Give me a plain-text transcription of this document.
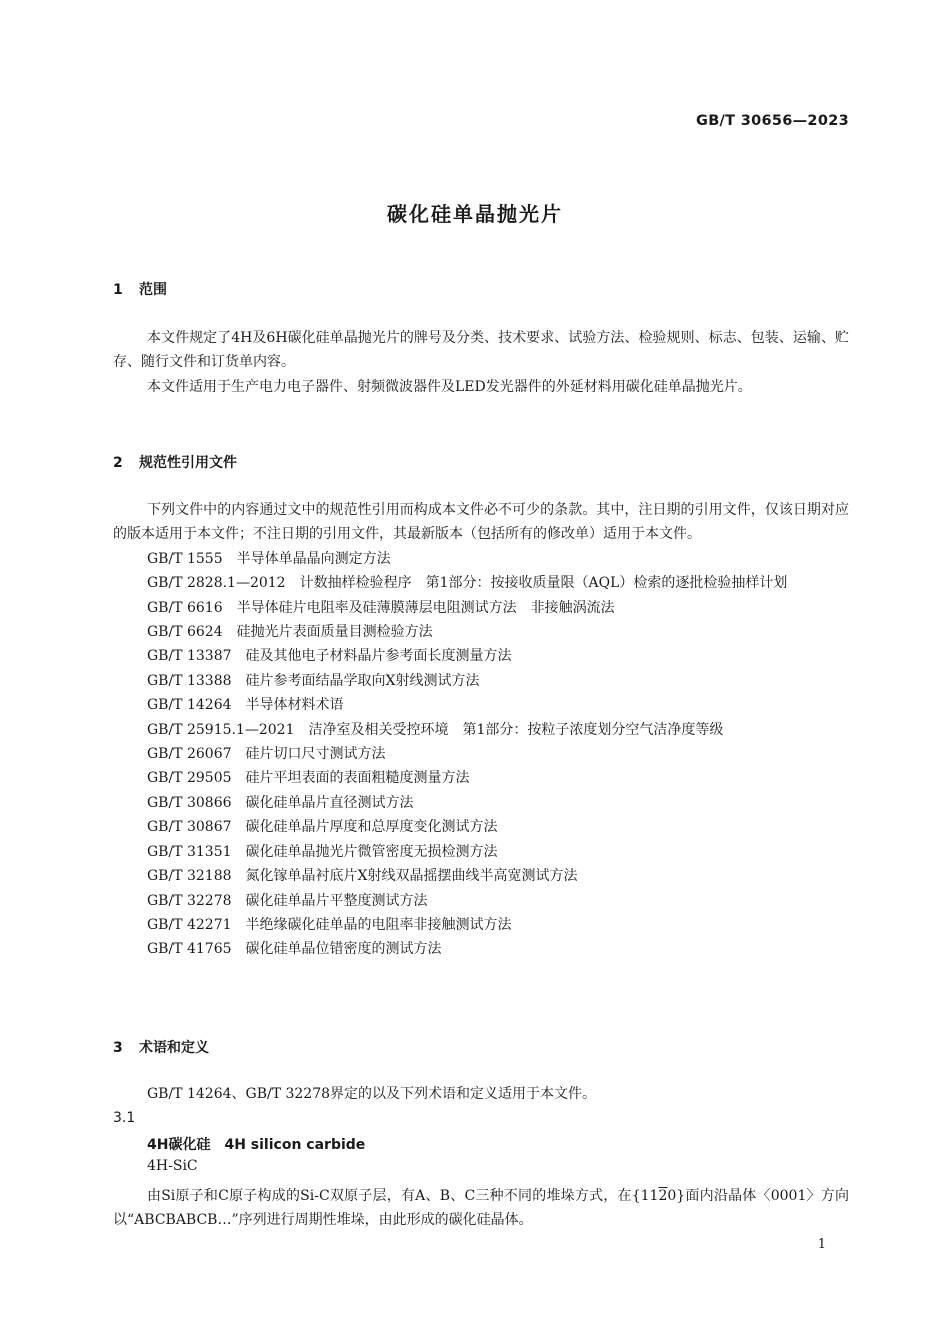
GB/T 30656—2023
碳化硅单晶抛光片
1 范围

本文件规定了4H及6H碳化硅单晶抛光片的牌号及分类、技术要求、试验方法、检验规则、标志、包装、运输、贮存、随行文件和订货单内容。

本文件适用于生产电力电子器件、射频微波器件及LED发光器件的外延材料用碳化硅单晶抛光片。

2 规范性引用文件

下列文件中的内容通过文中的规范性引用而构成本文件必不可少的条款。其中，注日期的引用文件，仅该日期对应的版本适用于本文件；不注日期的引用文件，其最新版本（包括所有的修改单）适用于本文件。

GB/T 1555 半导体单晶晶向测定方法

GB/T 2828.1—2012 计数抽样检验程序　第1部分：按接收质量限（AQL）检索的逐批检验抽样计划

GB/T 6616 半导体硅片电阻率及硅薄膜薄层电阻测试方法　非接触涡流法

GB/T 6624 硅抛光片表面质量目测检验方法

GB/T 13387 硅及其他电子材料晶片参考面长度测量方法

GB/T 13388 硅片参考面结晶学取向X射线测试方法

GB/T 14264 半导体材料术语

GB/T 25915.1—2021 洁净室及相关受控环境　第1部分：按粒子浓度划分空气洁净度等级

GB/T 26067 硅片切口尺寸测试方法

GB/T 29505 硅片平坦表面的表面粗糙度测量方法

GB/T 30866 碳化硅单晶片直径测试方法

GB/T 30867 碳化硅单晶片厚度和总厚度变化测试方法

GB/T 31351 碳化硅单晶抛光片微管密度无损检测方法

GB/T 32188 氮化镓单晶衬底片X射线双晶摇摆曲线半高宽测试方法

GB/T 32278 碳化硅单晶片平整度测试方法

GB/T 42271 半绝缘碳化硅单晶的电阻率非接触测试方法

GB/T 41765 碳化硅单晶位错密度的测试方法

3 术语和定义

GB/T 14264、GB/T 32278界定的以及下列术语和定义适用于本文件。

3.1
4H碳化硅 4H silicon carbide
4H-SiC

由Si原子和C原子构成的Si-C双原子层，有A、B、C三种不同的堆垛方式，在{1120}面内沿晶体〈0001〉方向以“ABCBABCB…”序列进行周期性堆垛，由此形成的碳化硅晶体。

1
